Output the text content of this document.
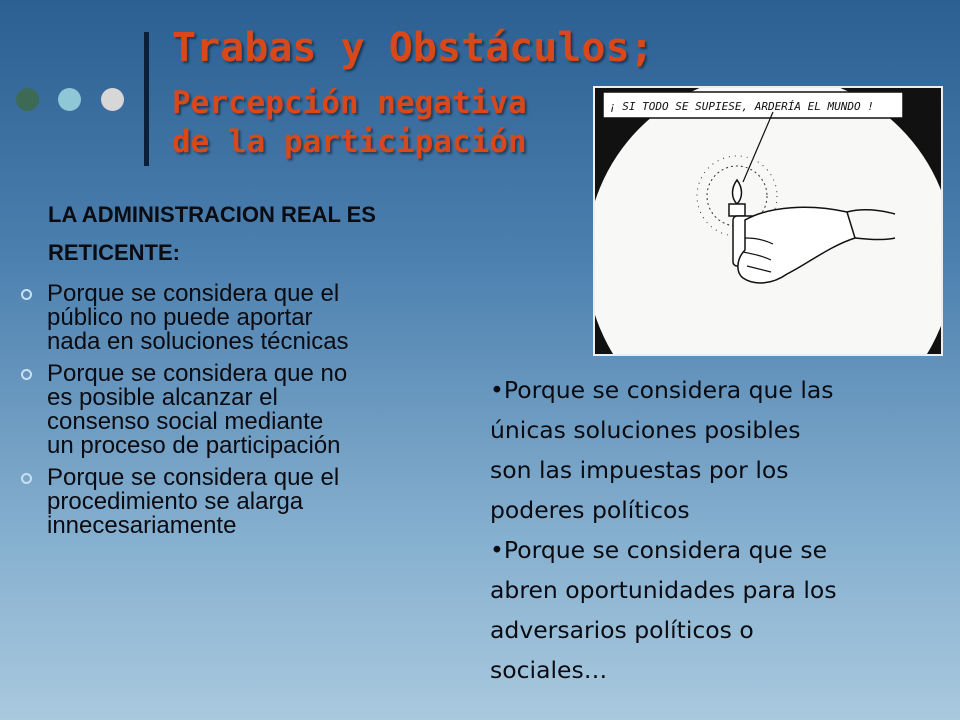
Trabas y Obstáculos;
Percepción negativa
de la participación
¡ SI TODO SE SUPIESE, ARDERÍA EL MUNDO !
LA ADMINISTRACION REAL ES
RETICENTE:
Porque se considera que el
público no puede aportar
nada en soluciones técnicas
Porque se considera que no
es posible alcanzar el
consenso social mediante
un proceso de participación
Porque se considera que el
procedimiento se alarga
innecesariamente

•Porque se considera que las
únicas soluciones posibles
son las impuestas por los
poderes políticos

•Porque se considera que se
abren oportunidades para los
adversarios políticos o
sociales…
